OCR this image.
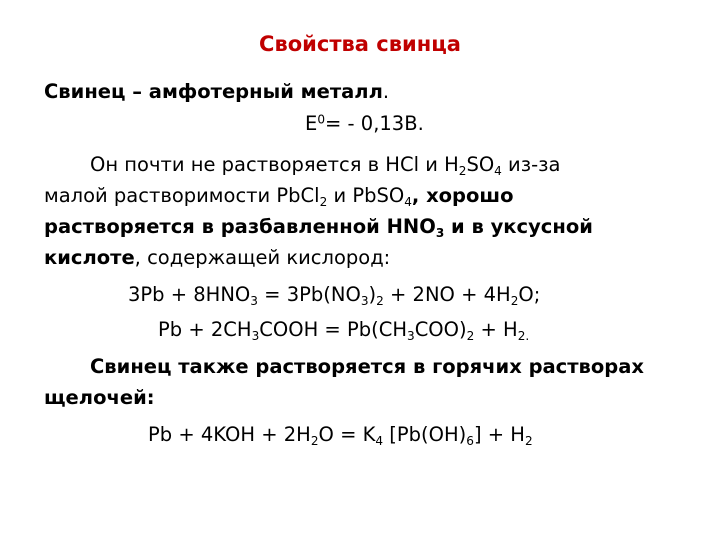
Свойства свинца
Свинец – амфотерный металл.
$E^0= - 0,13В$.
Он почти не растворяется в HCl и $H_2SO_4$ из-за
малой растворимости PbCl$_2$ и PbSO$_4$, хорошо
растворяется в разбавленной $HNO_3$ и в уксусной
кислоте, содержащей кислород:
$3Pb + 8HNO_3 = 3Pb(NO_3)_2 + 2NO + 4H_2O$;
$Pb + 2CH_3COOH = Pb(CH_3COO)_2 + H_{2.}$
Свинец также растворяется в горячих растворах
щелочей:
$Pb + 4KOH + 2H_2O = K_4$ $[Pb(OH)_6] + H_2$
